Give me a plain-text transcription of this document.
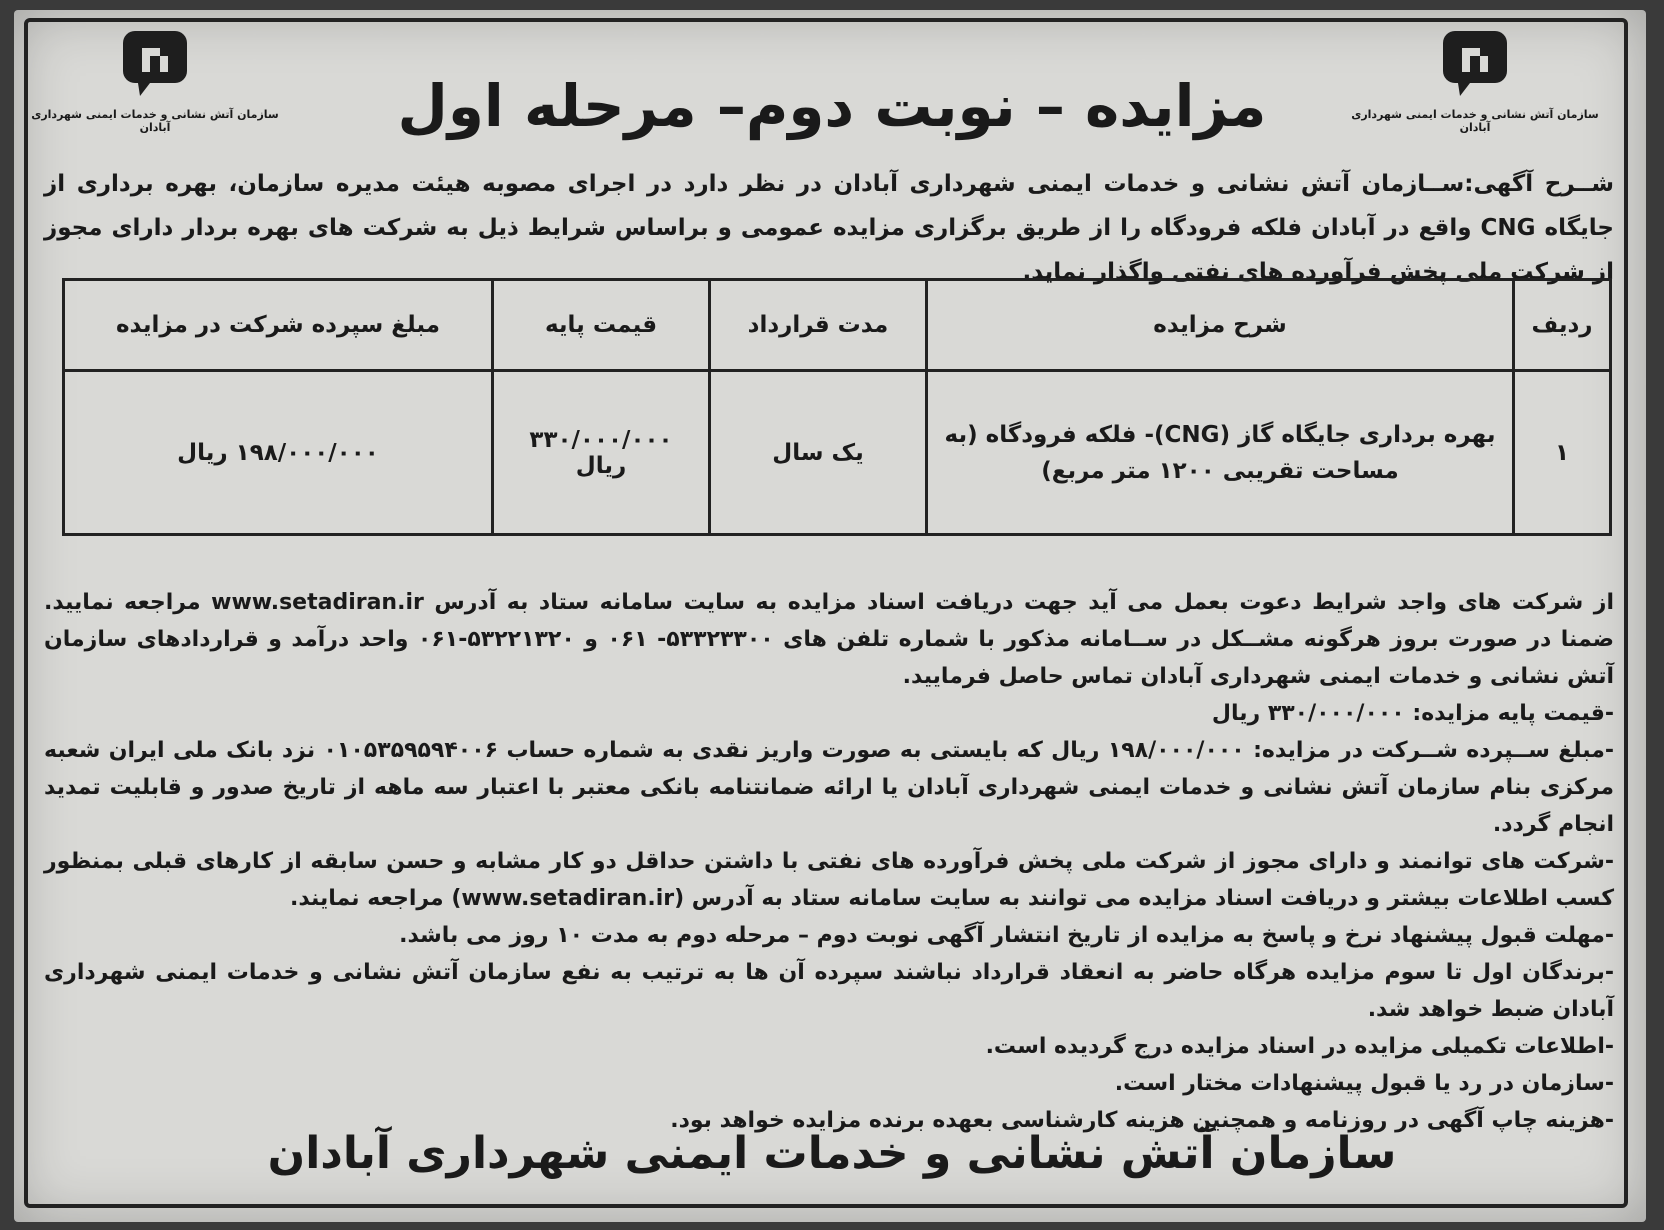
سازمان آتش نشانی و خدمات ایمنی شهرداری آبادان
سازمان آتش نشانی و خدمات ایمنی شهرداری آبادان	مزایده – نوبت دوم– مرحله اول
شــرح آگهی:ســازمان آتش نشانی و خدمات ایمنی شهرداری آبادان در نظر دارد در اجرای مصوبه هیئت مدیره سازمان، بهره برداری از جایگاه CNG واقع در آبادان فلکه فرودگاه را از طریق برگزاری مزایده عمومی و براساس شرایط ذیل به شرکت های بهره بردار دارای مجوز از شرکت ملی پخش فرآورده های نفتی واگذار نماید.
ردیف	شرح مزایده	مدت قرارداد	قیمت پایه	مبلغ سپرده شرکت در مزایده
۱	بهره برداری جایگاه گاز (CNG)- فلکه فرودگاه (به مساحت تقریبی ۱۲۰۰ متر مربع)	یک سال	۳۳۰/۰۰۰/۰۰۰ ریال	۱۹۸/۰۰۰/۰۰۰ ریال

از شرکت های واجد شرایط دعوت بعمل می آید جهت دریافت اسناد مزایده به سایت سامانه ستاد به آدرس www.setadiran.ir مراجعه نمایید. ضمنا در صورت بروز هرگونه مشــکل در ســامانه مذکور با شماره تلفن های ۵۳۳۲۳۳۰۰- ۰۶۱ و ۵۳۲۲۱۳۲۰-۰۶۱ واحد درآمد و قراردادهای سازمان آتش نشانی و خدمات ایمنی شهرداری آبادان تماس حاصل فرمایید.

-قیمت پایه مزایده: ۳۳۰/۰۰۰/۰۰۰ ریال

-مبلغ ســپرده شــرکت در مزایده: ۱۹۸/۰۰۰/۰۰۰ ریال که بایستی به صورت واریز نقدی به شماره حساب ۰۱۰۵۳۵۹۵۹۴۰۰۶ نزد بانک ملی ایران شعبه مرکزی بنام سازمان آتش نشانی و خدمات ایمنی شهرداری آبادان یا ارائه ضمانتنامه بانکی معتبر با اعتبار سه ماهه از تاریخ صدور و قابلیت تمدید انجام گردد.

-شرکت های توانمند و دارای مجوز از شرکت ملی پخش فرآورده های نفتی با داشتن حداقل دو کار مشابه و حسن سابقه از کارهای قبلی بمنظور کسب اطلاعات بیشتر و دریافت اسناد مزایده می توانند به سایت سامانه ستاد به آدرس (www.setadiran.ir) مراجعه نمایند.

-مهلت قبول پیشنهاد نرخ و پاسخ به مزایده از تاریخ انتشار آگهی نوبت دوم – مرحله دوم به مدت ۱۰ روز می باشد.

-برندگان اول تا سوم مزایده هرگاه حاضر به انعقاد قرارداد نباشند سپرده آن ها به ترتیب به نفع سازمان آتش نشانی و خدمات ایمنی شهرداری آبادان ضبط خواهد شد.

-اطلاعات تکمیلی مزایده در اسناد مزایده درج گردیده است.

-سازمان در رد یا قبول پیشنهادات مختار است.

-هزینه چاپ آگهی در روزنامه و همچنین هزینه کارشناسی بعهده برنده مزایده خواهد بود.

سازمان آتش نشانی و خدمات ایمنی شهرداری آبادان
